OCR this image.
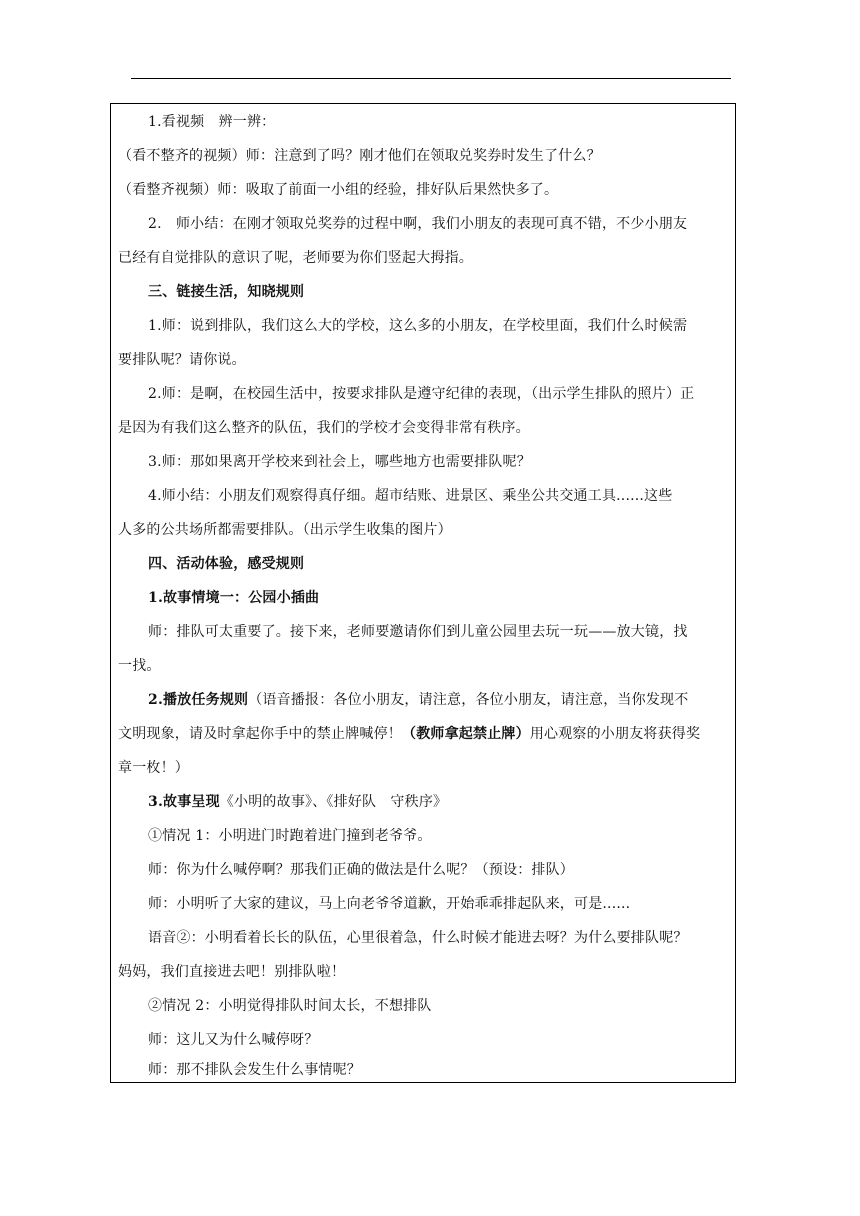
1.看视频　辨一辨：
（看不整齐的视频）师：注意到了吗？刚才他们在领取兑奖券时发生了什么？
（看整齐视频）师：吸取了前面一小组的经验，排好队后果然快多了。
2.　师小结：在刚才领取兑奖券的过程中啊，我们小朋友的表现可真不错，不少小朋友
已经有自觉排队的意识了呢，老师要为你们竖起大拇指。
三、链接生活，知晓规则
1.师：说到排队，我们这么大的学校，这么多的小朋友，在学校里面，我们什么时候需
要排队呢？请你说。
2.师：是啊，在校园生活中，按要求排队是遵守纪律的表现，（出示学生排队的照片）正
是因为有我们这么整齐的队伍，我们的学校才会变得非常有秩序。
3.师：那如果离开学校来到社会上，哪些地方也需要排队呢？
4.师小结：小朋友们观察得真仔细。超市结账、进景区、乘坐公共交通工具......这些
人多的公共场所都需要排队。（出示学生收集的图片）
四、活动体验，感受规则
1.故事情境一：公园小插曲
师：排队可太重要了。接下来，老师要邀请你们到儿童公园里去玩一玩——放大镜，找
一找。
2.播放任务规则（语音播报：各位小朋友，请注意，各位小朋友，请注意，当你发现不
文明现象，请及时拿起你手中的禁止牌喊停！（教师拿起禁止牌）用心观察的小朋友将获得奖
章一枚！）
3.故事呈现《小明的故事》、《排好队　守秩序》
①情况 1：小明进门时跑着进门撞到老爷爷。
师：你为什么喊停啊？那我们正确的做法是什么呢？（预设：排队）
师：小明听了大家的建议，马上向老爷爷道歉，开始乖乖排起队来，可是......
语音②：小明看着长长的队伍，心里很着急，什么时候才能进去呀？为什么要排队呢？
妈妈，我们直接进去吧！别排队啦！
②情况 2：小明觉得排队时间太长，不想排队
师：这儿又为什么喊停呀？
师：那不排队会发生什么事情呢？
